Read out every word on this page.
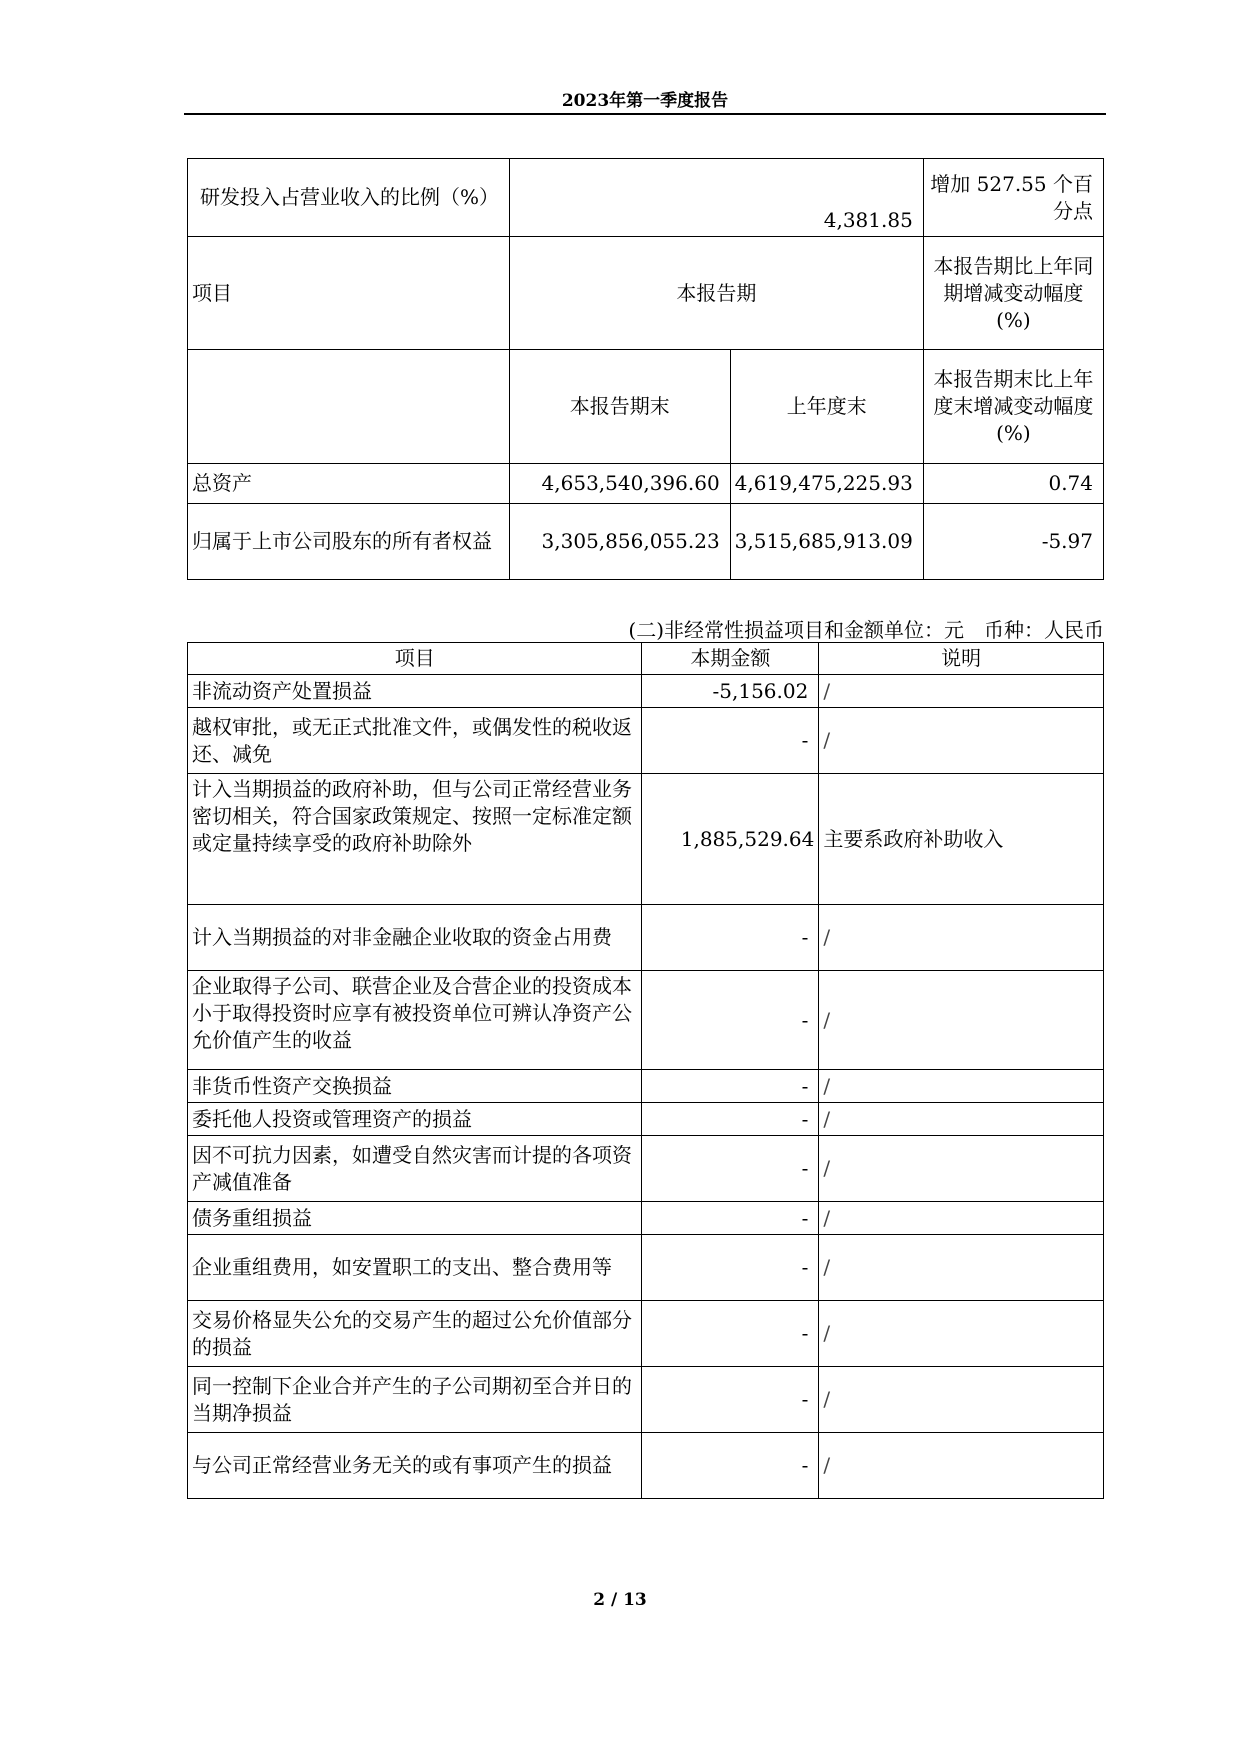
2023年第一季度报告
研发投入占营业收入的比例（%）	4,381.85		增加 527.55 个百分点
项目	本报告期		本报告期比上年同期增减变动幅度(%)
	本报告期末	上年度末	本报告期末比上年度末增减变动幅度(%)
总资产	4,653,540,396.60	4,619,475,225.93	0.74
归属于上市公司股东的所有者权益	3,305,856,055.23	3,515,685,913.09	-5.97
(二)非经常性损益项目和金额单位：元　币种：人民币
项目	本期金额	说明
非流动资产处置损益	-5,156.02	/
越权审批，或无正式批准文件，或偶发性的税收返还、减免	-	/
计入当期损益的政府补助，但与公司正常经营业务密切相关，符合国家政策规定、按照一定标准定额或定量持续享受的政府补助除外	1,885,529.64	主要系政府补助收入
计入当期损益的对非金融企业收取的资金占用费	-	/
企业取得子公司、联营企业及合营企业的投资成本小于取得投资时应享有被投资单位可辨认净资产公允价值产生的收益	-	/
非货币性资产交换损益	-	/
委托他人投资或管理资产的损益	-	/
因不可抗力因素，如遭受自然灾害而计提的各项资产减值准备	-	/
债务重组损益	-	/
企业重组费用，如安置职工的支出、整合费用等	-	/
交易价格显失公允的交易产生的超过公允价值部分的损益	-	/
同一控制下企业合并产生的子公司期初至合并日的当期净损益	-	/
与公司正常经营业务无关的或有事项产生的损益	-	/
2 / 13
